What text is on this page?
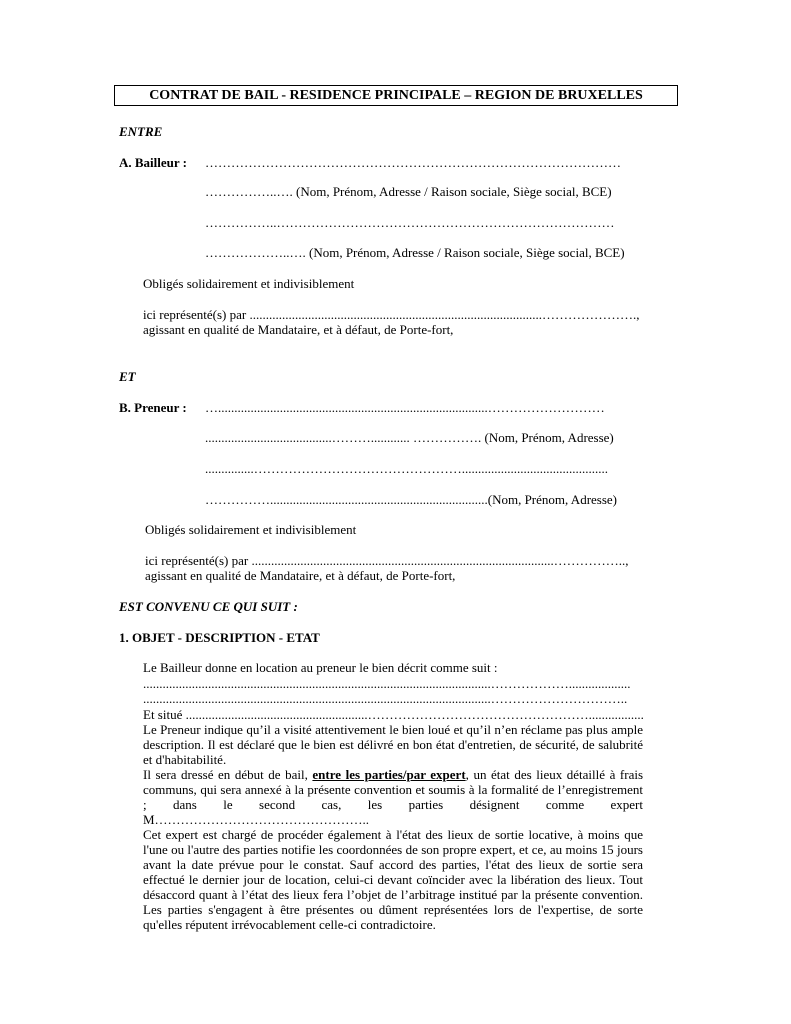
CONTRAT DE BAIL - RESIDENCE PRINCIPALE – REGION DE BRUXELLES
ENTRE
A. Bailleur : ……………………………………………………………………………………
……………..…. (Nom, Prénom, Adresse / Raison sociale, Siège social, BCE)
……………..……………………………………………………………………
………………..…. (Nom, Prénom, Adresse / Raison sociale, Siège social, BCE)
Obligés solidairement et indivisiblement
ici représenté(s) par ..........................................................................................………………….,
agissant en qualité de Mandataire, et à défaut, de Porte-fort,
ET
B. Preneur : …...................................................................................………………………
.......................................………............ ……………. (Nom, Prénom, Adresse)
...............………………………………………….............................................
……………...................................................................(Nom, Prénom, Adresse)
Obligés solidairement et indivisiblement
ici représenté(s) par .............................................................................................……………..,
agissant en qualité de Mandataire, et à défaut, de Porte-fort,
EST CONVENU CE QUI SUIT :
1. OBJET - DESCRIPTION - ETAT
Le Bailleur donne en location au preneur le bien décrit comme suit :
...........................................................................................................………………...................
...........................................................................................................…………………………..
Et situé ........................................................…………………………………………….................

Le Preneur indique qu’il a visité attentivement le bien loué et qu’il n’en réclame pas plus ample description. Il est déclaré que le bien est délivré en bon état d'entretien, de sécurité, de salubrité et d'habitabilité.

Il sera dressé en début de bail, entre les parties/par expert, un état des lieux détaillé à frais communs, qui sera annexé à la présente convention et soumis à la formalité de l’enregistrement ; dans le second cas, les parties désignent comme expert M…………………………………………..

Cet expert est chargé de procéder également à l'état des lieux de sortie locative, à moins que l'une ou l'autre des parties notifie les coordonnées de son propre expert, et ce, au moins 15 jours avant la date prévue pour le constat. Sauf accord des parties, l'état des lieux de sortie sera effectué le dernier jour de location, celui-ci devant coïncider avec la libération des lieux. Tout désaccord quant à l’état des lieux fera l’objet de l’arbitrage institué par la présente convention. Les parties s'engagent à être présentes ou dûment représentées lors de l'expertise, de sorte qu'elles réputent irrévocablement celle-ci contradictoire.
